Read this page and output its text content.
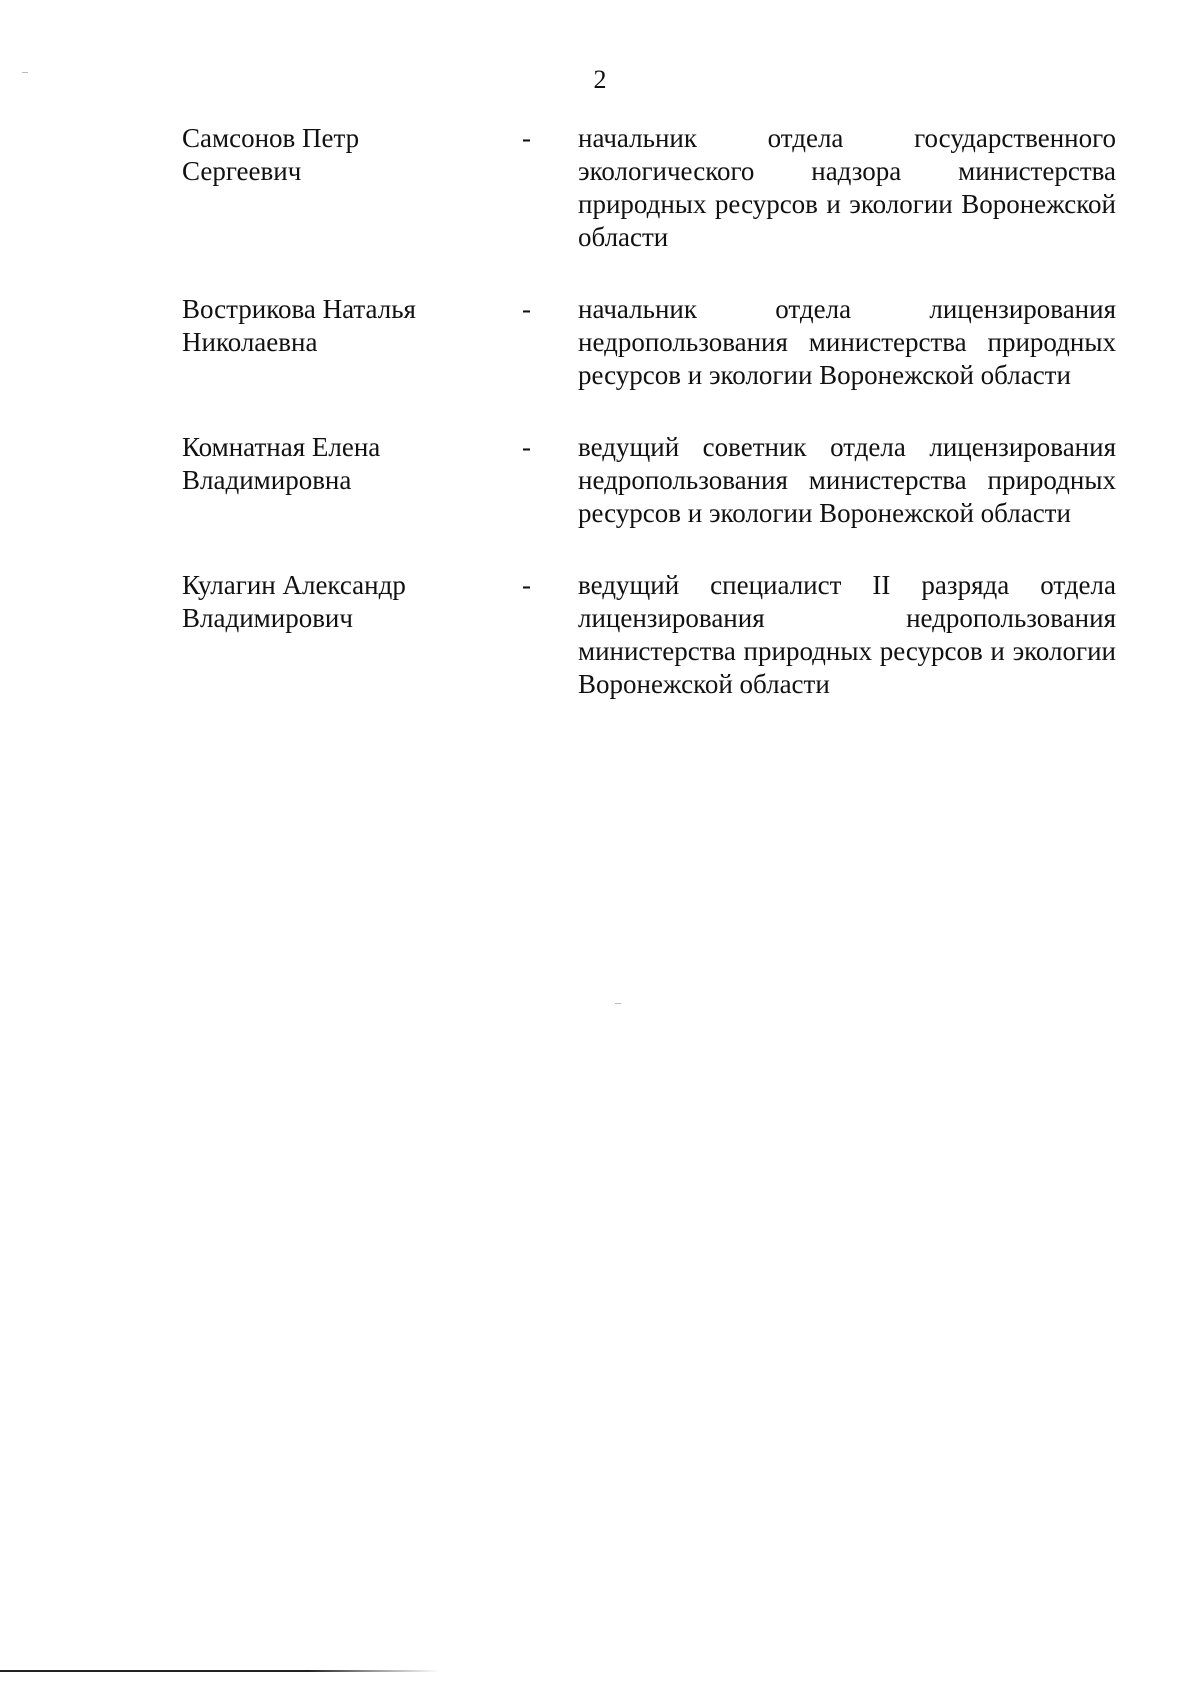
2
Самсонов Петр
Сергеевич
-	начальник отдела государственного экологического надзора министерства природных ресурсов и экологии Воронежской области
Вострикова Наталья
Николаевна
-	начальник отдела лицензирования недропользования министерства природных ресурсов и экологии Воронежской области
Комнатная Елена
Владимировна
-	ведущий советник отдела лицензирования недропользования министерства природных ресурсов и экологии Воронежской области
Кулагин Александр
Владимирович
-	ведущий специалист II разряда отдела лицензирования недропользования министерства природных ресурсов и экологии Воронежской области
